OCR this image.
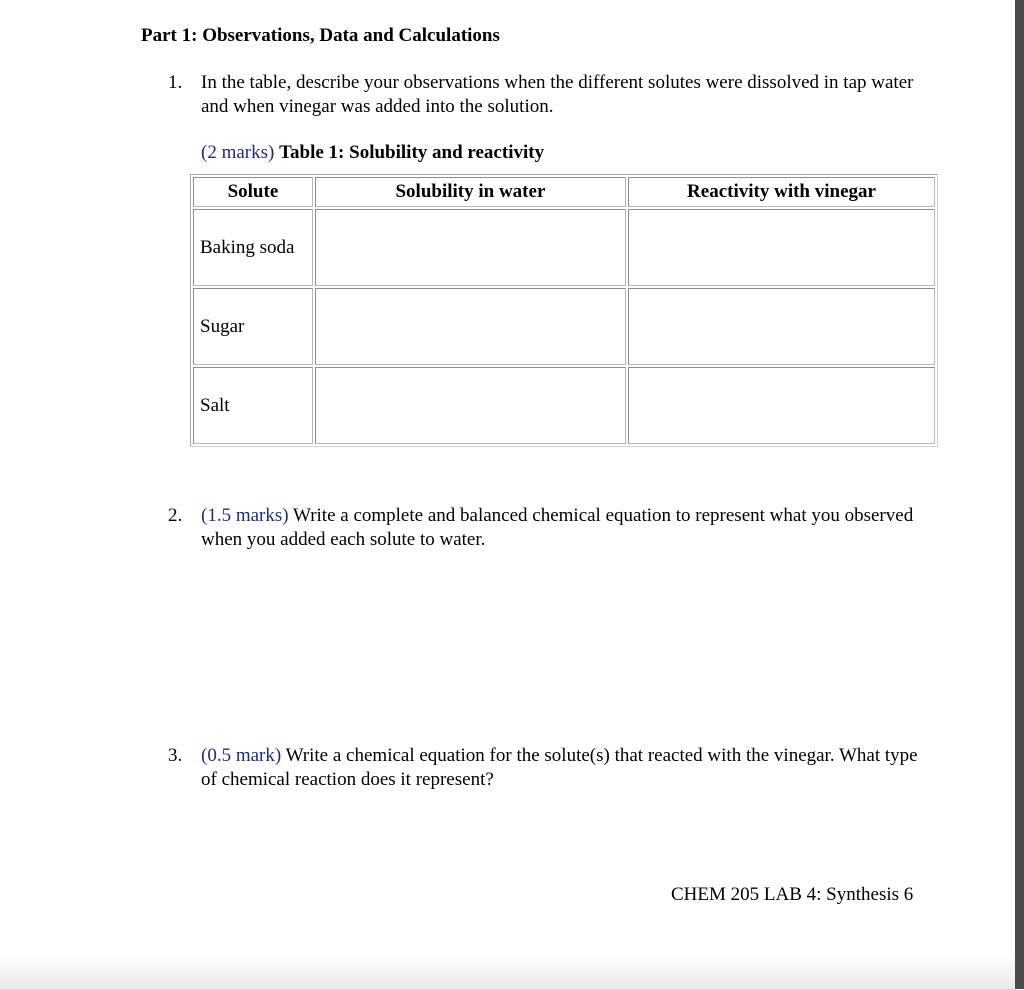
Part 1: Observations, Data and Calculations
1. In the table, describe your observations when the different solutes were dissolved in tap water and when vinegar was added into the solution.
(2 marks) Table 1: Solubility and reactivity
Solute	Solubility in water	Reactivity with vinegar
Baking soda		
Sugar		
Salt		
2. (1.5 marks) Write a complete and balanced chemical equation to represent what you observed when you added each solute to water.
3. (0.5 mark) Write a chemical equation for the solute(s) that reacted with the vinegar. What type of chemical reaction does it represent?
CHEM 205 LAB 4: Synthesis 6
